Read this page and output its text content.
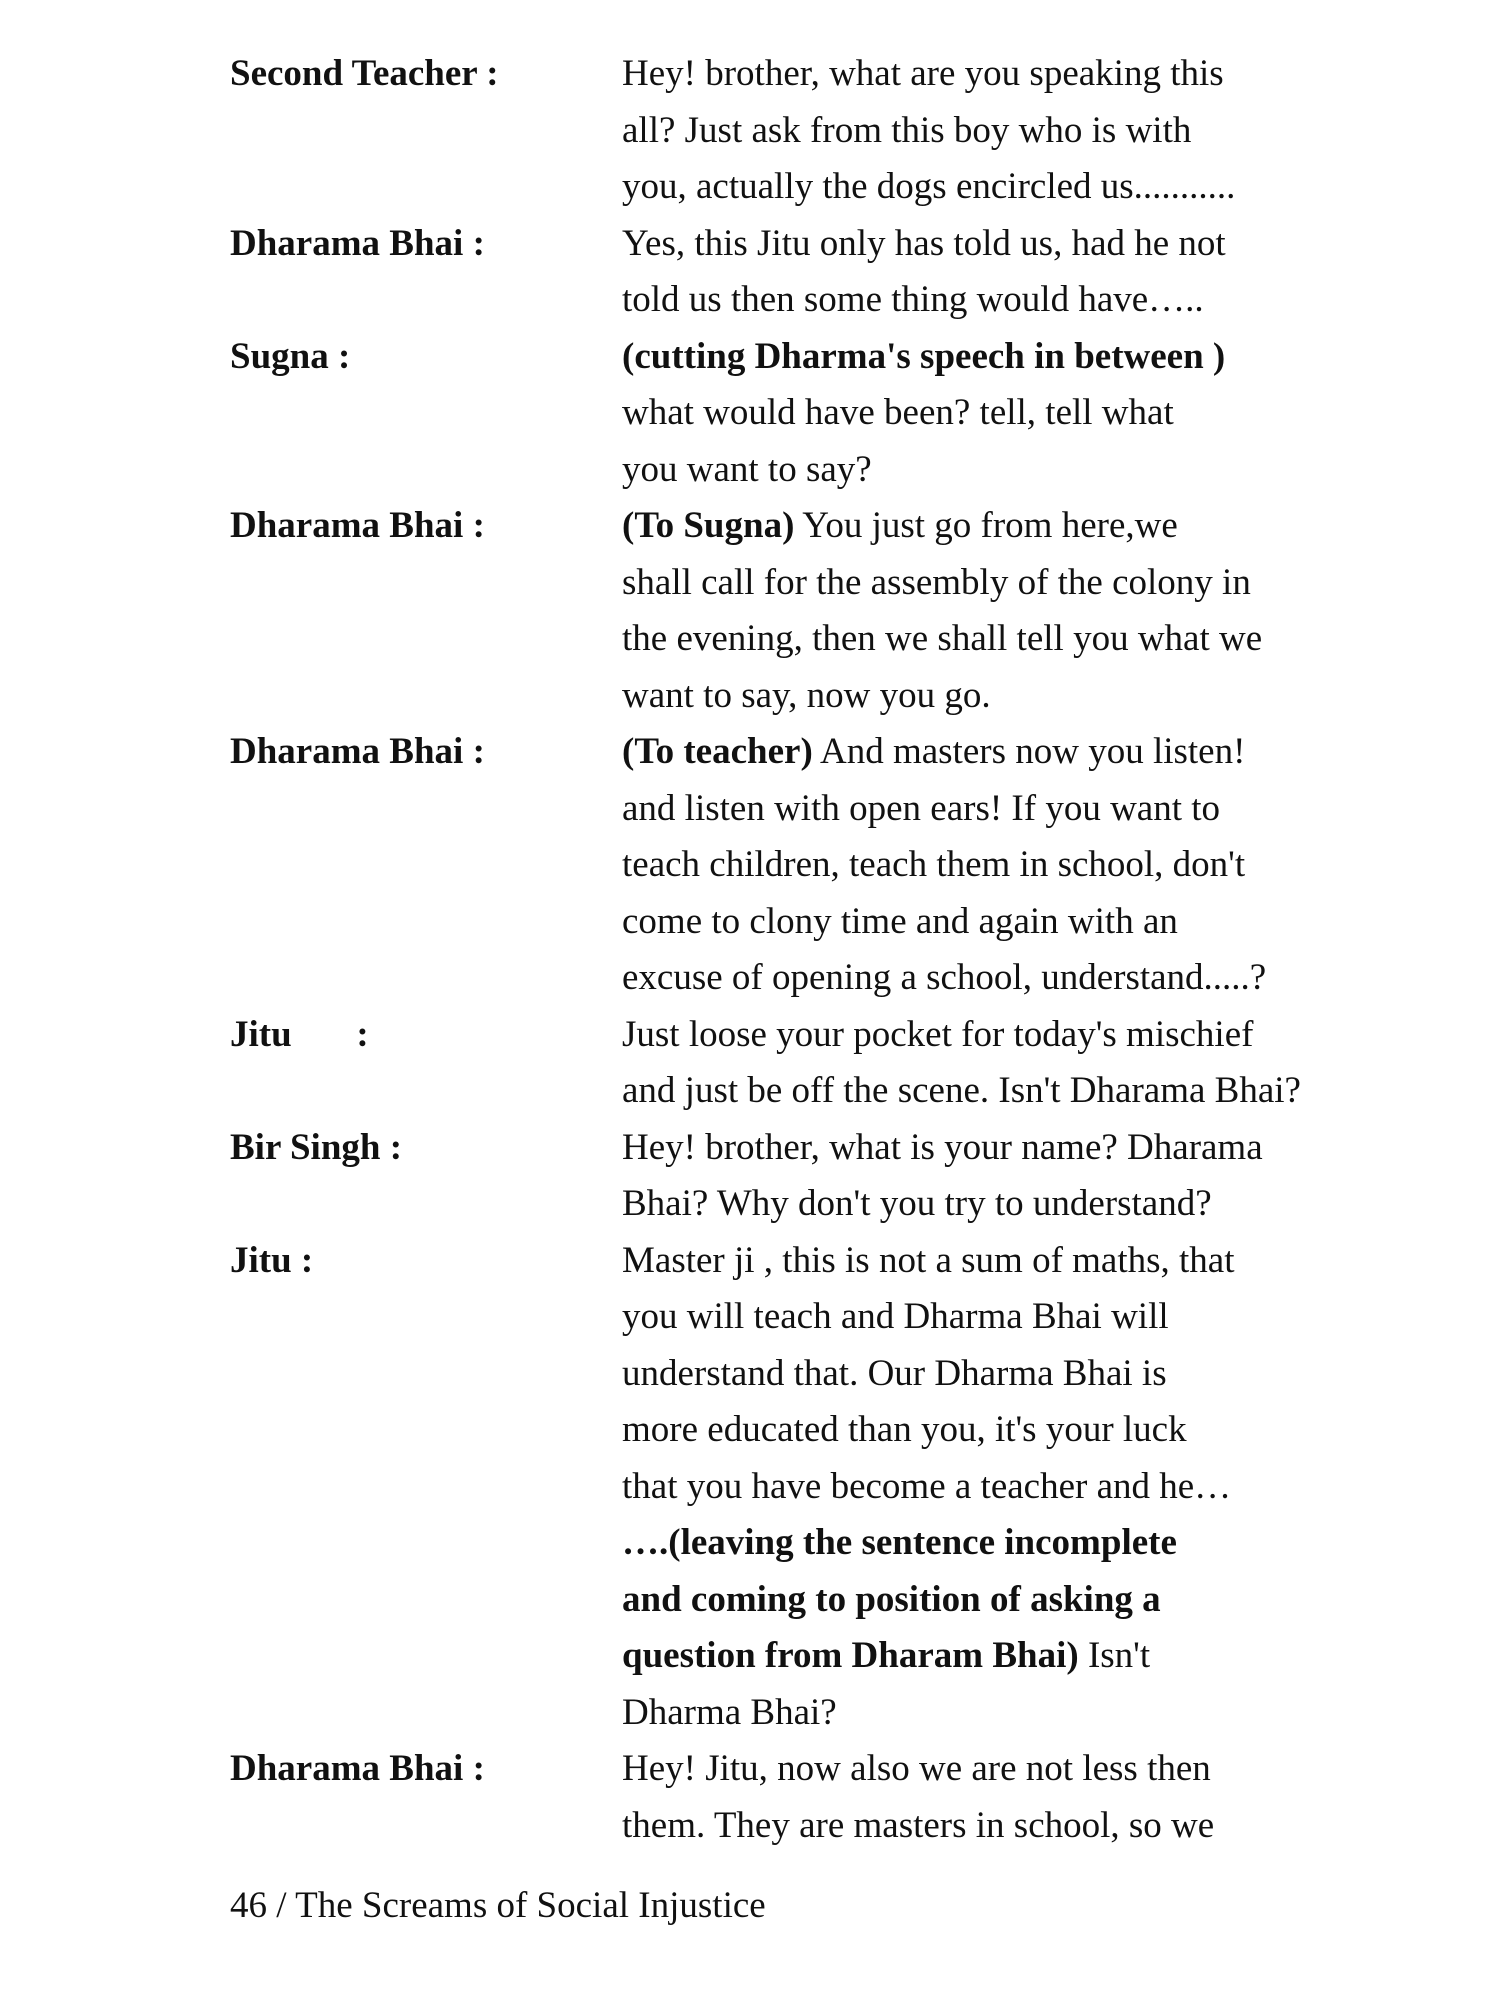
Second Teacher :	Hey! brother, what are you speaking this
all? Just ask from this boy who is with
you, actually the dogs encircled us...........
Dharama Bhai :	Yes, this Jitu only has told us, had he not
told us then some thing would have…..
Sugna :	(cutting Dharma's speech in between )
what would have been? tell, tell what
you want to say?
Dharama Bhai :	(To Sugna) You just go from here,we
shall call for the assembly of the colony in
the evening, then we shall tell you what we
want to say, now you go.
Dharama Bhai :	(To teacher) And masters now you listen!
and listen with open ears! If you want to
teach children, teach them in school, don't
come to clony time and again with an
excuse of opening a school, understand.....?
Jitu       :	Just loose your pocket for today's mischief
and just be off the scene. Isn't Dharama Bhai?
Bir Singh :	Hey! brother, what is your name? Dharama
Bhai? Why don't you try to understand?
Jitu :	Master ji , this is not a sum of maths, that
you will teach and Dharma Bhai will
understand that. Our Dharma Bhai is
more educated than you, it's your luck
that you have become a teacher and he…
….(leaving the sentence incomplete
and coming to position of asking a
question from Dharam Bhai) Isn't
Dharma Bhai?
Dharama Bhai :	Hey! Jitu, now also we are not less then
them. They are masters in school, so we
46 / The Screams of Social Injustice
